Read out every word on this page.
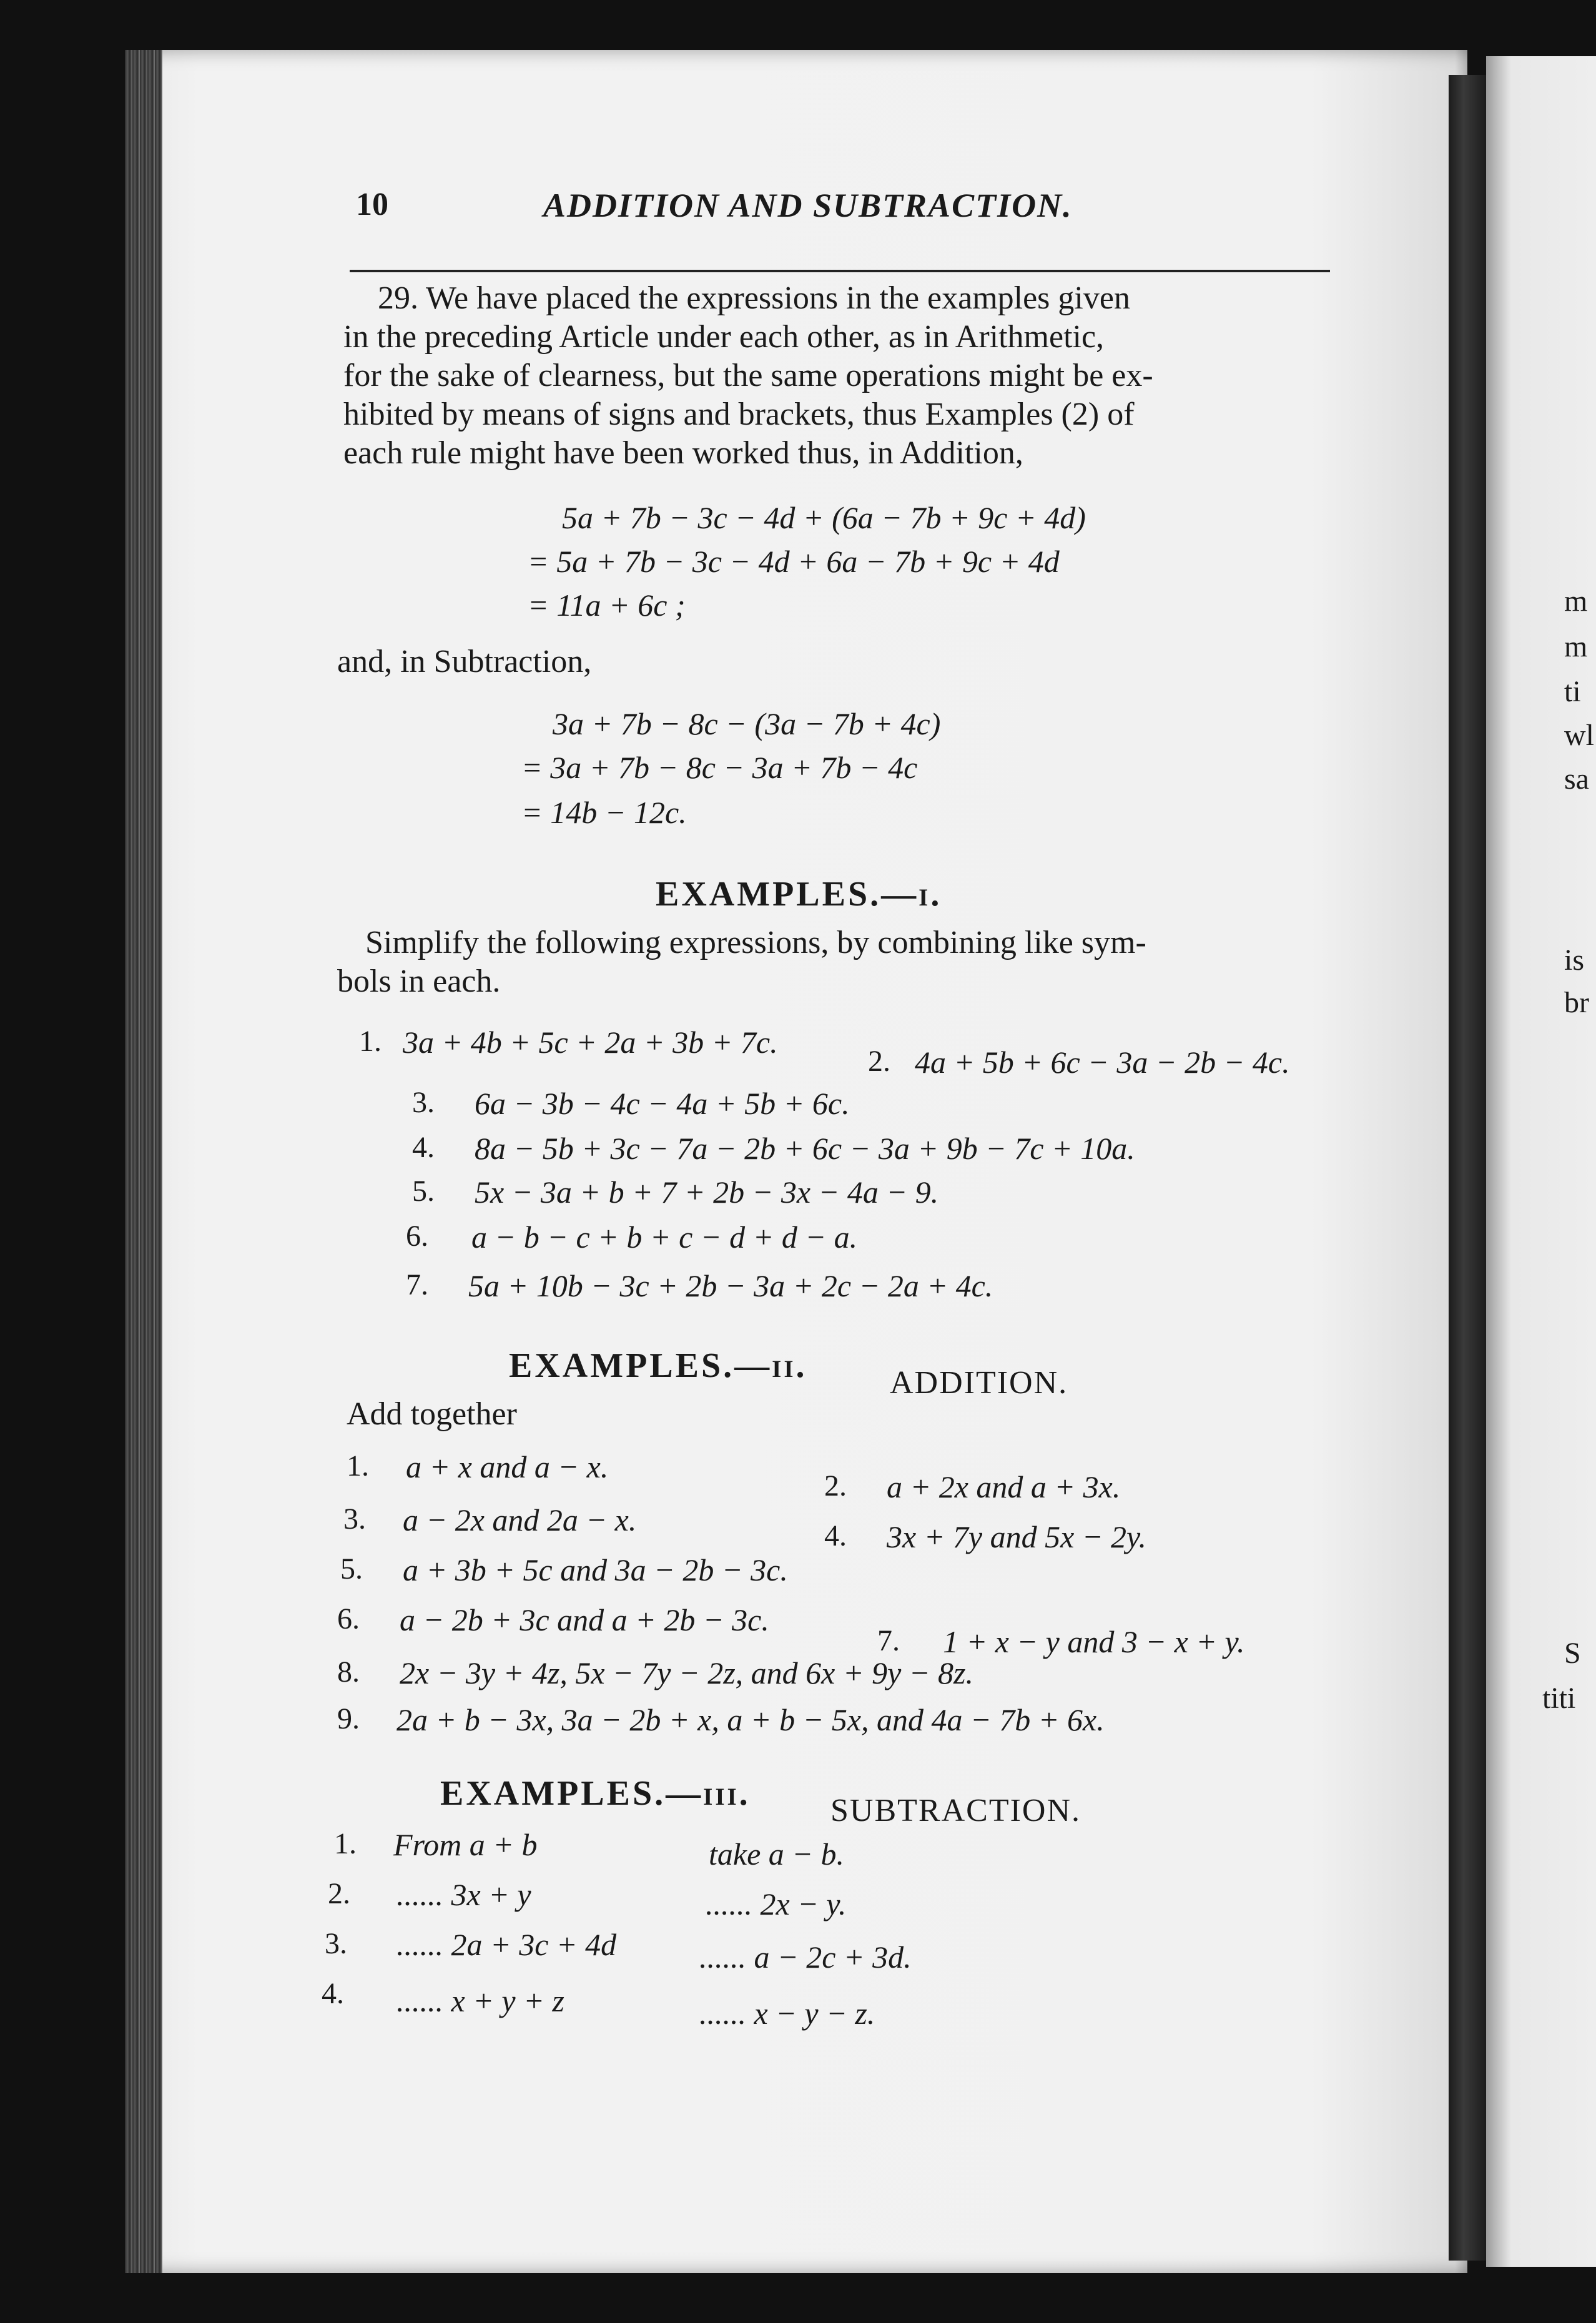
m
m
ti
wl
sa
is
br
S
titi
10	ADDITION AND SUBTRACTION.
29. We have placed the expressions in the examples given
in the preceding Article under each other, as in Arithmetic,
for the sake of clearness, but the same operations might be ex-
hibited by means of signs and brackets, thus Examples (2) of
each rule might have been worked thus, in Addition,
5a + 7b − 3c − 4d + (6a − 7b + 9c + 4d)
= 5a + 7b − 3c − 4d + 6a − 7b + 9c + 4d
= 11a + 6c ;
and, in Subtraction,
3a + 7b − 8c − (3a − 7b + 4c)
= 3a + 7b − 8c − 3a + 7b − 4c
= 14b − 12c.
EXAMPLES.—i.
Simplify the following expressions, by combining like sym-
bols in each.
1. 3a + 4b + 5c + 2a + 3b + 7c.
2. 4a + 5b + 6c − 3a − 2b − 4c.
3. 6a − 3b − 4c − 4a + 5b + 6c.
4. 8a − 5b + 3c − 7a − 2b + 6c − 3a + 9b − 7c + 10a.
5. 5x − 3a + b + 7 + 2b − 3x − 4a − 9.
6. a − b − c + b + c − d + d − a.
7. 5a + 10b − 3c + 2b − 3a + 2c − 2a + 4c.
EXAMPLES.—ii.	ADDITION.
Add together
1. a + x and a − x.
2. a + 2x and a + 3x.
3. a − 2x and 2a − x.	4. 3x + 7y and 5x − 2y.
5. a + 3b + 5c and 3a − 2b − 3c.
6. a − 2b + 3c and a + 2b − 3c.
7. 1 + x − y and 3 − x + y.
8. 2x − 3y + 4z, 5x − 7y − 2z, and 6x + 9y − 8z.
9. 2a + b − 3x, 3a − 2b + x, a + b − 5x, and 4a − 7b + 6x.
EXAMPLES.—iii. SUBTRACTION.
1. From a + b	take a − b.
2. ...... 3x + y	...... 2x − y.
3. ...... 2a + 3c + 4d	...... a − 2c + 3d.
4. ...... x + y + z	...... x − y − z.
